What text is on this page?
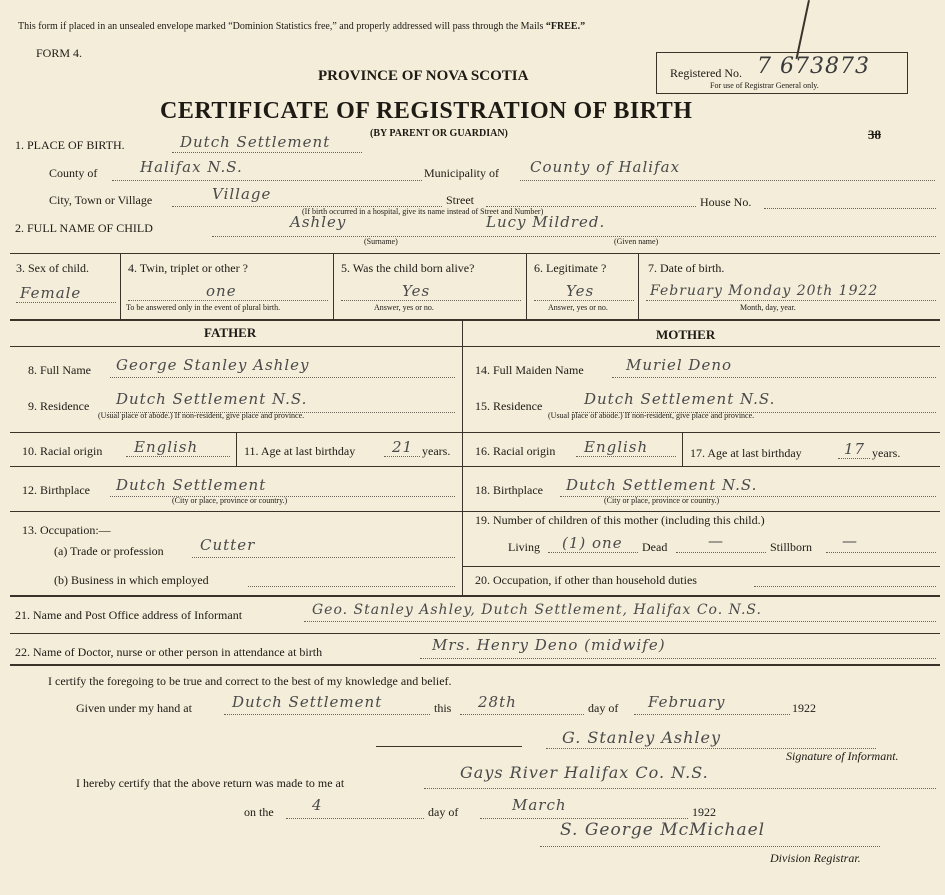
This form if placed in an unsealed envelope marked “Dominion Statistics free,” and properly addressed will pass through the Mails “FREE.”
FORM 4.
PROVINCE OF NOVA SCOTIA
CERTIFICATE OF REGISTRATION OF BIRTH
(BY PARENT OR GUARDIAN)
Registered No. 7 673873
For use of Registrar General only.
38
1. PLACE OF BIRTH.	Dutch Settlement
County of	Halifax N.S.	Municipality of County of Halifax
City, Town or Village	Village	Street	House No.
(If birth occurred in a hospital, give its name instead of Street and Number)
2. FULL NAME OF CHILD	Ashley	Lucy Mildred.
(Surname)	(Given name)
3. Sex of child.
Female
4. Twin, triplet or other ?
one
To be answered only in the event of plural birth.
5. Was the child born alive?
Yes
Answer, yes or no.
6. Legitimate ?
Yes
Answer, yes or no.
7. Date of birth.
February Monday 20th 1922
Month, day, year.
FATHER	MOTHER
8. Full Name George Stanley Ashley
9. Residence Dutch Settlement N.S.
(Usual place of abode.) If non-resident, give place and province.
10. Racial origin English	11. Age at last birthday 21 years.
12. Birthplace Dutch Settlement
(City or place, province or country.)
13. Occupation:—
(a) Trade or profession Cutter
(b) Business in which employed
14. Full Maiden Name	Muriel Deno
15. Residence	Dutch Settlement N.S.
(Usual place of abode.) If non-resident, give place and province.
16. Racial origin English	17. Age at last birthday	17 years.
18. Birthplace Dutch Settlement N.S.
(City or place, province or country.)
19. Number of children of this mother (including this child.)
Living (1) one Dead	—	Stillborn —
20. Occupation, if other than household duties
21. Name and Post Office address of Informant	Geo. Stanley Ashley, Dutch Settlement, Halifax Co. N.S.
22. Name of Doctor, nurse or other person in attendance at birth	Mrs. Henry Deno (midwife)
I certify the foregoing to be true and correct to the best of my knowledge and belief.
Given under my hand at	Dutch Settlement	this 28th	day of February	1922
G. Stanley Ashley
Signature of Informant.
I hereby certify that the above return was made to me at
Gays River Halifax Co. N.S.
on the	4	day of	March	1922
S. George McMichael
Division Registrar.
